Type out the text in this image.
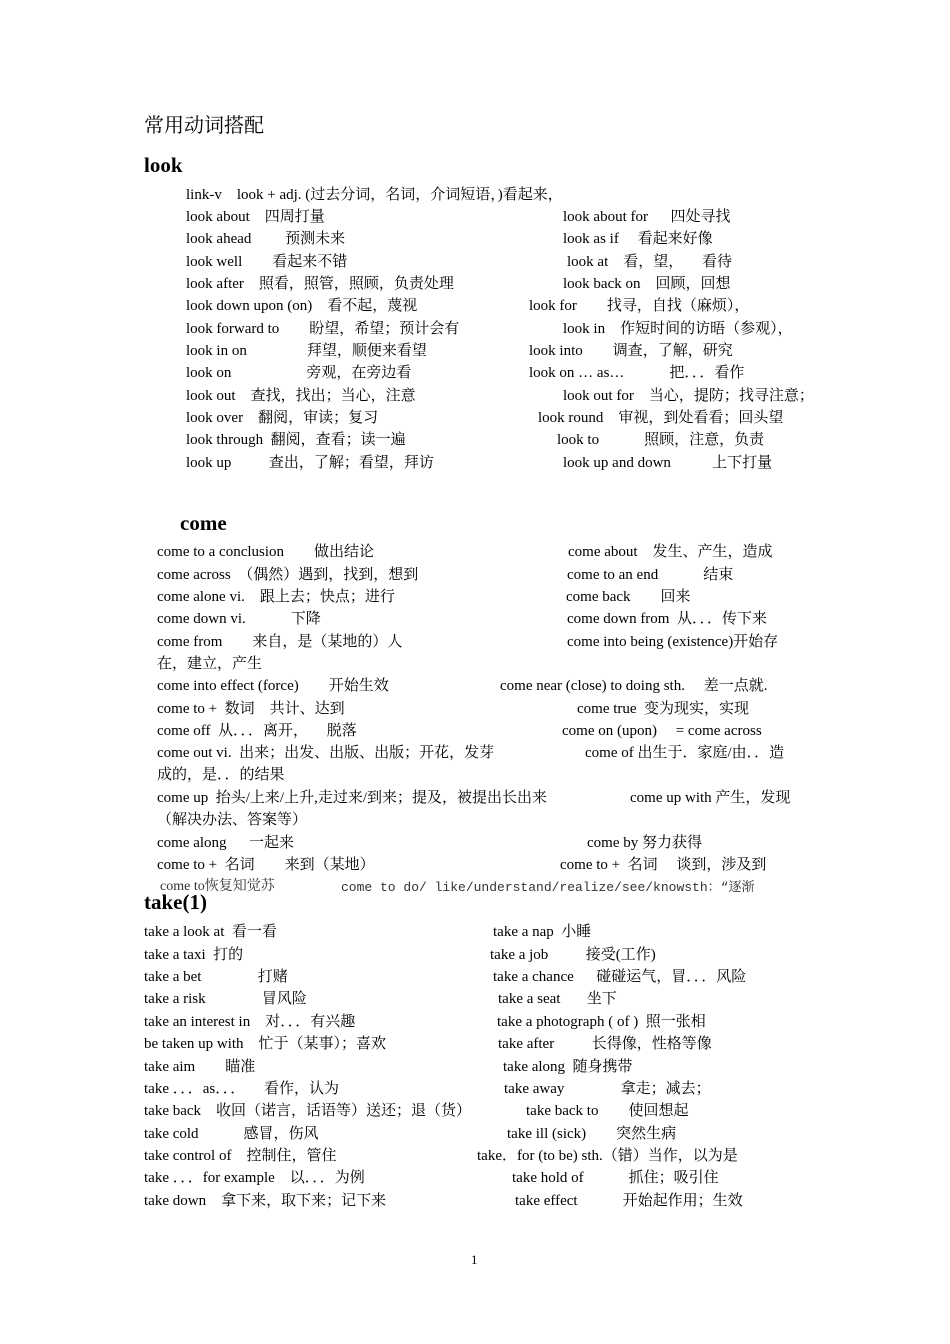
常用动词搭配
look
link-v    look + adj. (过去分词，名词，介词短语，)看起来，
look about    四周打量
look ahead         预测未来
look well        看起来不错
look after    照看，照管，照顾，负责处理
look down upon (on)    看不起，蔑视
look forward to        盼望，希望；预计会有
look in on                拜望，顺便来看望
look on                    旁观，在旁边看
look out    查找，找出；当心，注意
look over    翻阅，审读；复习
look through  翻阅，查看；读一遍
look up          查出，了解；看望，拜访
look about for      四处寻找
look as if     看起来好像
look at    看，望，     看待
look back on    回顾，回想
look for        找寻，自找（麻烦），
look in    作短时间的访晤（参观），
look into        调查，了解，研究
look on … as…            把．．．看作
look out for    当心，提防；找寻注意；
look round    审视，到处看看；回头望
look to            照顾，注意，负责
look up and down           上下打量
come
come to a conclusion        做出结论
come across  （偶然）遇到，找到，想到
come alone vi.    跟上去；快点；进行
come down vi.            下降
come from        来自，是（某地的）人
在，建立，产生
come into effect (force)        开始生效
come to +  数词    共计、达到
come off  从．．．离开，     脱落
come out vi.  出来；出发、出版、出版；开花，发芽
成的，是．．的结果
come up  抬头/上来/上升,走过来/到来；提及，被提出长出来
（解决办法、答案等）
come along      一起来
come to +  名词        来到（某地）
come about    发生、产生，造成
come to an end            结束
come back        回来
come down from  从．．．传下来
come into being (existence)开始存
come near (close) to doing sth.     差一点就.
come true  变为现实，实现
come on (upon)     = come across
come of 出生于．家庭/由．．造
come up with 产生，发现
come by 努力获得
come to +  名词     谈到，涉及到
come to恢复知觉苏	come to do/ like/understand/realize/see/knowsth：“逐渐
take(1)
take a look at  看一看
take a taxi  打的
take a bet               打赌
take a risk               冒风险
take an interest in    对．．．有兴趣
be taken up with    忙于（某事）；喜欢
take aim        瞄准
take ．．．as．．．     看作，认为
take back    收回（诺言，话语等）送还；退（货）
take cold            感冒，伤风
take control of    控制住，管住
take ．．．for example    以．．．为例
take down    拿下来，取下来；记下来
take a nap  小睡
take a job          接受(工作)
take a chance      碰碰运气，冒．．．风险
take a seat       坐下
take a photograph ( of )  照一张相
take after          长得像，性格等像
take along  随身携带
take away               拿走；减去；
take back to        使回想起
take ill (sick)        突然生病
take．for (to be) sth.（错）当作，以为是
take hold of            抓住；吸引住
take effect            开始起作用；生效
1
